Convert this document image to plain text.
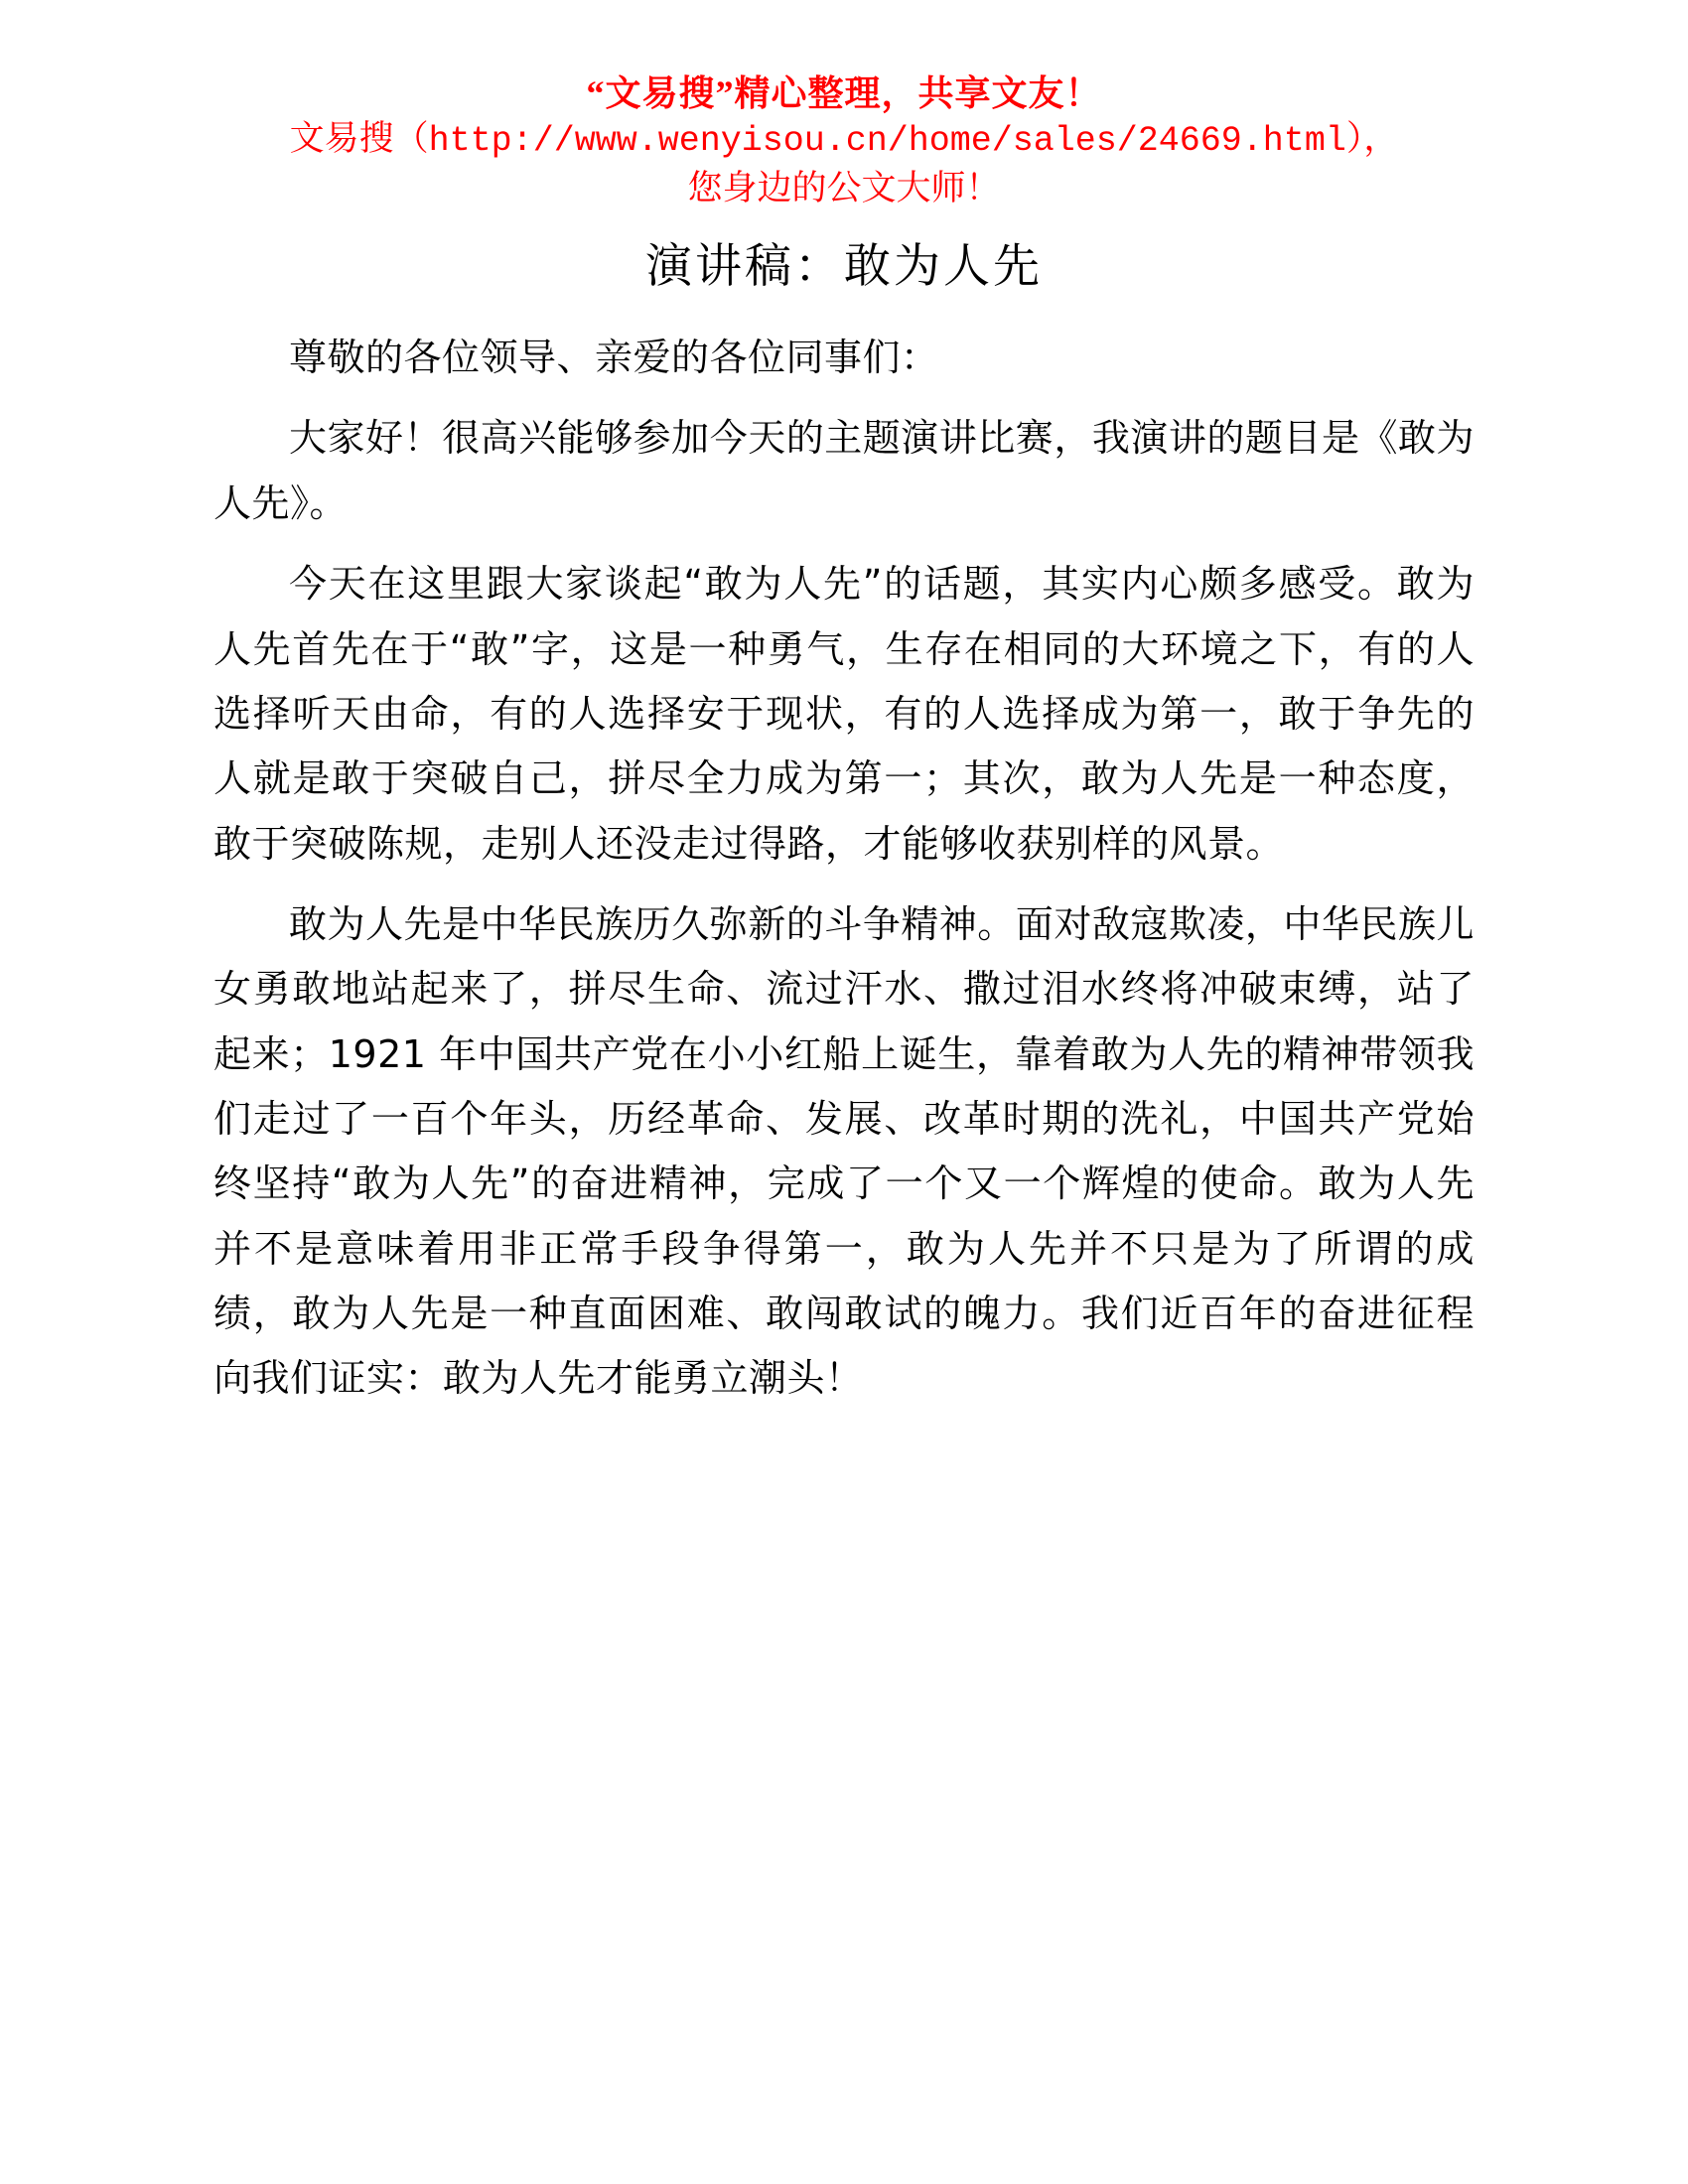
“文易搜”精心整理，共享文友！
文易搜（http://www.wenyisou.cn/home/sales/24669.html），
您身边的公文大师！
演讲稿：敢为人先

尊敬的各位领导、亲爱的各位同事们：

大家好！很高兴能够参加今天的主题演讲比赛，我演讲的题目是《敢为人先》。

今天在这里跟大家谈起“敢为人先”的话题，其实内心颇多感受。敢为人先首先在于“敢”字，这是一种勇气，生存在相同的大环境之下，有的人选择听天由命，有的人选择安于现状，有的人选择成为第一，敢于争先的人就是敢于突破自己，拼尽全力成为第一；其次，敢为人先是一种态度，敢于突破陈规，走别人还没走过得路，才能够收获别样的风景。

敢为人先是中华民族历久弥新的斗争精神。面对敌寇欺凌，中华民族儿女勇敢地站起来了，拼尽生命、流过汗水、撒过泪水终将冲破束缚，站了起来；1921 年中国共产党在小小红船上诞生，靠着敢为人先的精神带领我们走过了一百个年头，历经革命、发展、改革时期的洗礼，中国共产党始终坚持“敢为人先”的奋进精神，完成了一个又一个辉煌的使命。敢为人先并不是意味着用非正常手段争得第一，敢为人先并不只是为了所谓的成绩，敢为人先是一种直面困难、敢闯敢试的魄力。我们近百年的奋进征程向我们证实：敢为人先才能勇立潮头！
